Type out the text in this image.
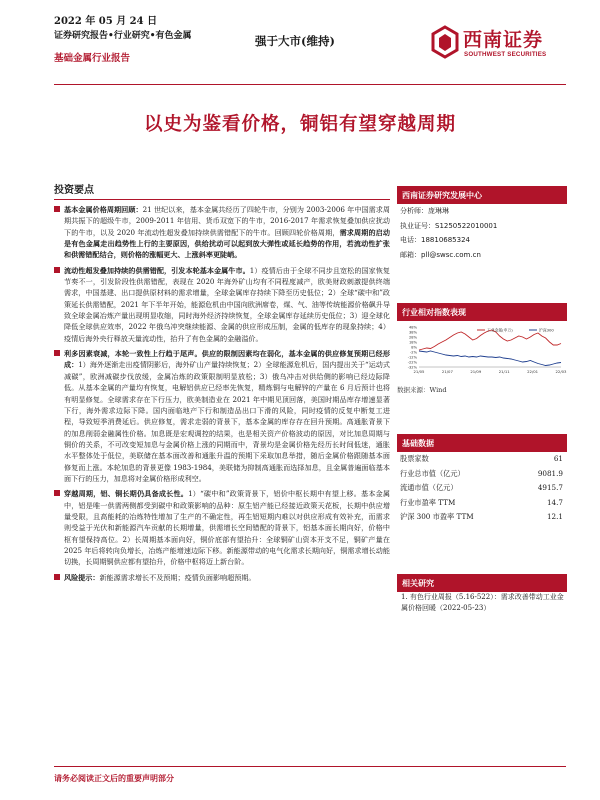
2022 年 05 月 24 日
证券研究报告•行业研究•有色金属
基础金属行业报告
强于大市(维持)	西南证券
SOUTHWEST SECURITIES
以史为鉴看价格，铜铝有望穿越周期
投资要点
基本金属价格周期回顾：21 世纪以来，基本金属共经历了四轮牛市，分别为 2003-2006 年中国需求周期共振下的超级牛市，2009-2011 年信用、货币双宽下的牛市，2016-2017 年需求恢复叠加供应扰动下的牛市，以及 2020 年流动性超发叠加持续供需错配下的牛市。回顾四轮价格周期，需求周期的启动是有色金属走出趋势性上行的主要原因，供给扰动可以起到放大弹性或延长趋势的作用，若流动性扩张和供需错配结合，则价格的涨幅更大、上涨斜率更陡峭。
流动性超发叠加持续的供需错配，引发本轮基本金属牛市。1）疫情后由于全球不同步且宽松的国家恢复节奏不一，引发阶段性供需错配，表现在 2020 年海外矿山均有不同程度减产，欧美财政刺激提供终端需求，中国基建、出口提供原材料的需求增量，全球金属库存持续下降至历史低位；2）全球“碳中和”政策延长供需错配，2021 年下半年开始，能源危机由中国向欧洲席卷，煤、气、油等传统能源价格飙升导致全球金属冶炼产量出现明显收缩，同时海外经济持续恢复，全球金属库存延续历史低位；3）迎全球化降低全球供应效率，2022 年俄乌冲突继续能源、金属的供应形成压制，金属的低库存的现象持续；4）疫情后海外央行释放天量流动性，抬升了有色金属的金融溢价。
利多因素衰减，本轮一致性上行趋于尾声。供应的限制因素均在弱化，基本金属的供应修复预期已经形成：1）海外逐渐走出疫情阴影后，海外矿山产量持续恢复；2）全球能源危机后，国内提出关于“运动式减碳”，欧洲减碳步伐放缓，金属冶炼的政策限制明显放松；3）俄乌冲击对供给侧的影响已经边际降低。从基本金属的产量均有恢复，电解铝供应已经率先恢复，精炼铜与电解锌的产量在 6 月后预计也将有明显修复。全球需求存在下行压力，欧美制造业在 2021 年中期见顶回落，美国时期品库存增速显著下行，海外需求边际下降。国内面临地产下行和制造品出口下滑的风险，同时疫情的反复中断复工进程，导致短季消费延后。供应修复，需求走弱的背景下，基本金属的库存存在回升预期。高通胀背景下的加息削弱金融属性价格。加息既是宏观调控的结果，也是相关资产价格波动的原因，对比加息周期与铜价的关系，不可改变短加息与金属价格上涨的同期而中，背景均是金属价格先经历长时间低迷，通胀水平整体处于低位，美联储在基本面改善和通胀升温的预期下采取加息举措，随后金属价格跟随基本面修复而上涨。本轮加息的背景更像 1983-1984，美联储为抑制高通胀而选择加息，且金属普遍面临基本面下行的压力，加息将对金属价格形成利空。
穿越周期，铝、铜长期仍具备成长性。1）“碳中和”政策背景下，铝价中枢长期中有望上移。基本金属中，铝是唯一供需两侧都受到碳中和政策影响的品种：原生铝产能已经接近政策天花板，长期中供应增量受限，且高能耗的冶炼特性增加了生产的不确定性，再生铝短期内难以对供应形成有效补充，而需求则受益于光伏和新能源汽车贡献的长期增量，供需增长空间错配的背景下，铝基本面长期向好，价格中枢有望保持高位。2）长周期基本面向好，铜价底部有望抬升：全球铜矿山资本开支不足，铜矿产量在 2025 年后将转向负增长，冶炼产能增速边际下移。新能源带动的电气化需求长期向好，铜需求增长动能切换，长周期铜供应都有望抬升，价格中枢将迈上新台阶。
风险提示：新能源需求增长不及预期；疫情负面影响超预期。
西南证券研究发展中心
分析师：庞琳琳
执业证号：S1250522010001
电话：18810685324
邮箱：pll@swsc.com.cn
行业相对指数表现
48%
38%
28%
18%
8%
-2%
-12%
-22%
-32%
21/05	21/07	21/09	21/11	22/01	22/03
工业金属(申万)	沪深300
数据来源：Wind
基础数据
股票家数	61
行业总市值（亿元）	9081.9
流通市值（亿元）	4915.7
行业市盈率 TTM	14.7
沪深 300 市盈率 TTM	12.1
相关研究
1. 有色行业周报（5.16-522）：需求改善带动工业金属价格回暖（2022-05-23）
请务必阅读正文后的重要声明部分
